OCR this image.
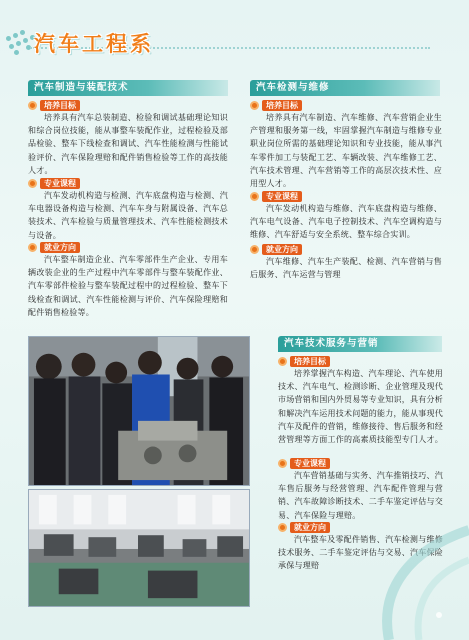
汽车工程系
汽车制造与装配技术
培养目标
培养具有汽车总装制造、检验和调试基础理论知识和综合岗位技能，能从事整车装配作业，过程检验及部品检验、整车下线检查和调试、汽车性能检测与性能试验评价、汽车保险理赔和配件销售检验等工作的高技能人才。
专业课程
汽车发动机构造与检测、汽车底盘构造与检测、汽车电器设备构造与检测、汽车车身与附属设备、汽车总装技术、汽车检验与质量管理技术、汽车性能检测技术与设备。
就业方向
汽车整车制造企业、汽车零部件生产企业、专用车辆改装企业的生产过程中汽车零部件与整车装配作业、汽车零部件检验与整车装配过程中的过程检验、整车下线检查和调试、汽车性能检测与评价、汽车保险理赔和配件销售检验等。
汽车检测与维修
培养目标
培养具有汽车制造、汽车维修、汽车营销企业生产管理和服务第一线，牢固掌握汽车制造与维修专业职业岗位所需的基础理论知识和专业技能，能从事汽车零件加工与装配工艺、车辆改装、汽车维修工艺、汽车技术管理、汽车营销等工作的高层次技术性、应用型人才。
专业课程
汽车发动机构造与维修、汽车底盘构造与维修、汽车电气设备、汽车电子控制技术、汽车空调构造与维修、汽车舒适与安全系统、整车综合实训。
就业方向
汽车维修、汽车生产装配、检测、汽车营销与售后服务、汽车运营与管理
汽车技术服务与营销
培养目标
培养掌握汽车构造、汽车理论、汽车使用技术、汽车电气、检测诊断、企业管理及现代市场营销和国内外贸易等专业知识，具有分析和解决汽车运用技术问题的能力，能从事现代汽车及配件的营销，维修接待、售后服务和经营管理等方面工作的高素质技能型专门人才。
专业课程
汽车营销基础与实务、汽车推销技巧、汽车售后服务与经营管理、汽车配件管理与营销、汽车故障诊断技术、二手车鉴定评估与交易、汽车保险与理赔。
就业方向
汽车整车及零配件销售、汽车检测与维修技术服务、二手车鉴定评估与交易、汽车保险承保与理赔
